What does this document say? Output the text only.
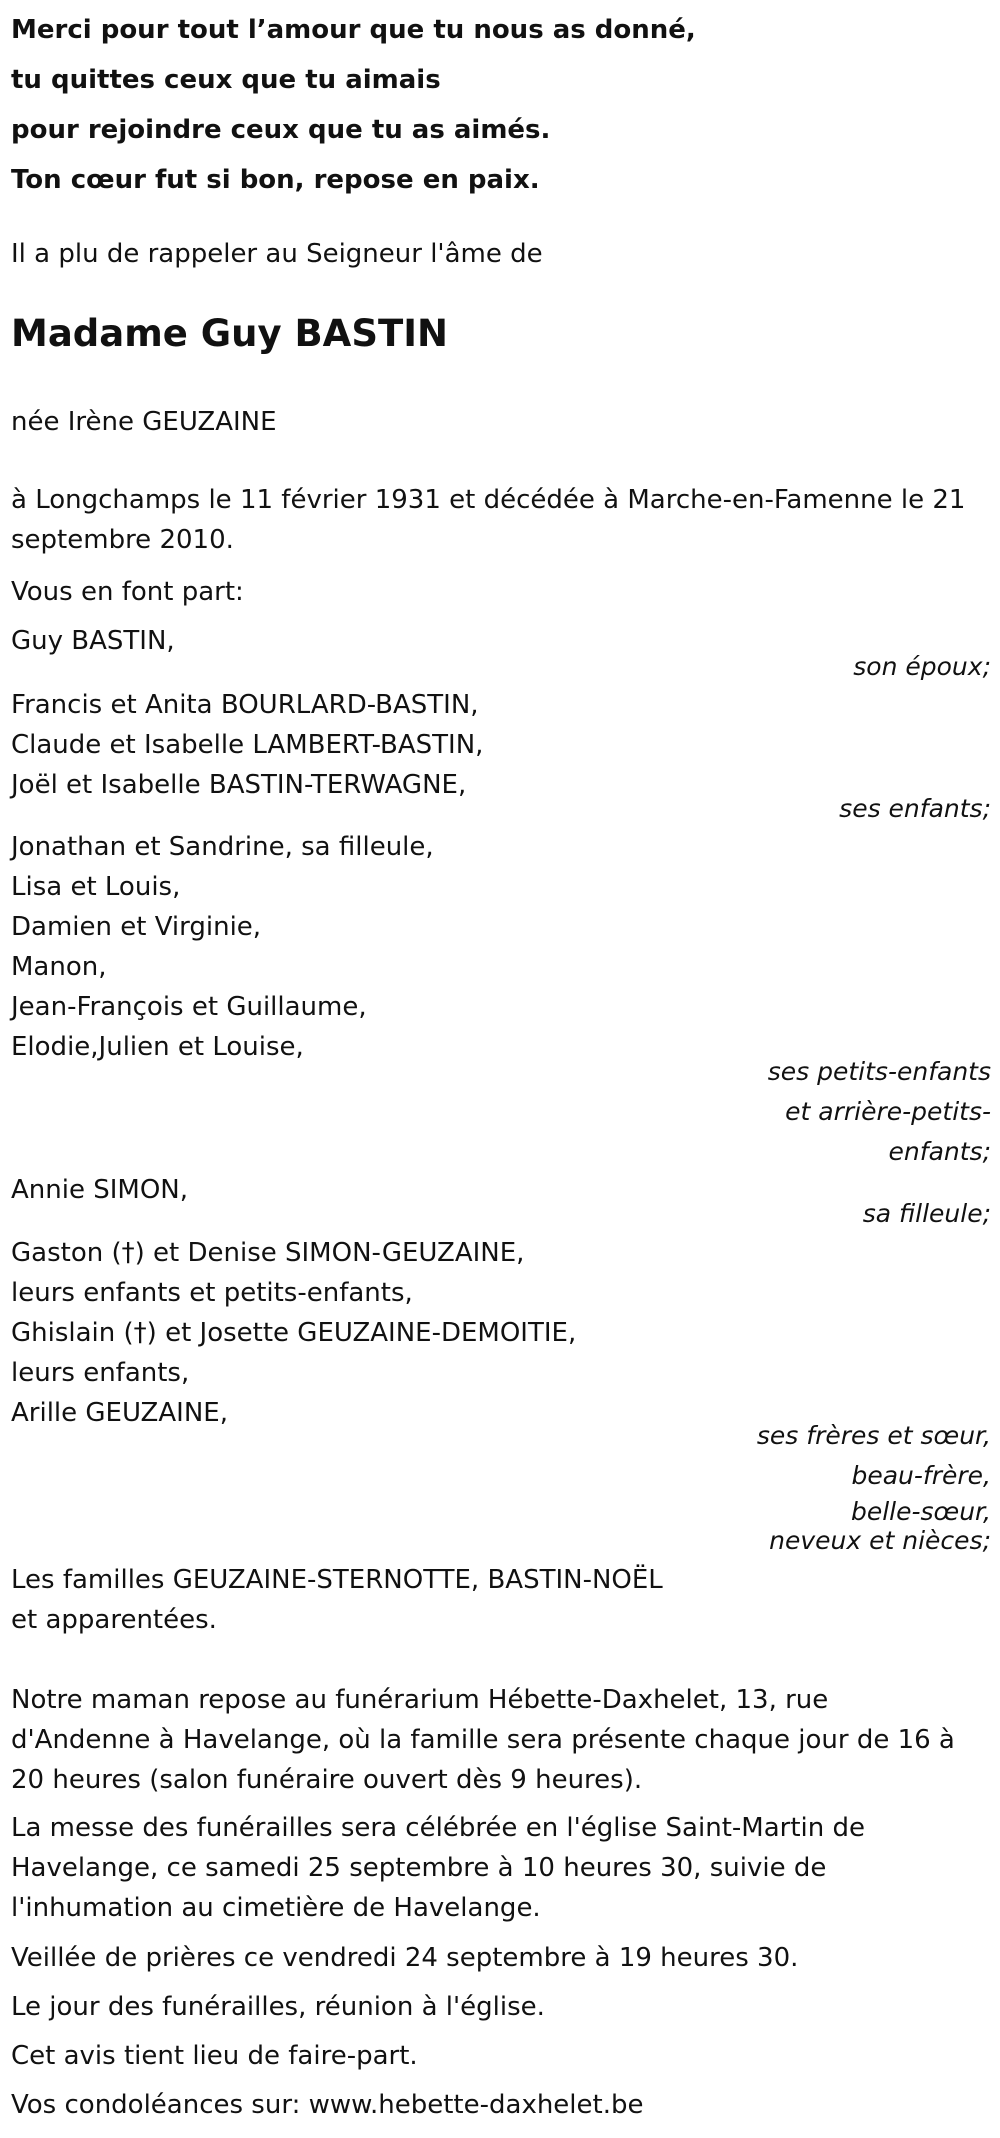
Merci pour tout l’amour que tu nous as donné,
tu quittes ceux que tu aimais
pour rejoindre ceux que tu as aimés.
Ton cœur fut si bon, repose en paix.
Il a plu de rappeler au Seigneur l'âme de
Madame Guy BASTIN
née Irène GEUZAINE
à Longchamps le 11 février 1931 et décédée à Marche-en-Famenne le 21
septembre 2010.
Vous en font part:
Guy BASTIN,
son époux;
Francis et Anita BOURLARD-BASTIN,
Claude et Isabelle LAMBERT-BASTIN,
Joël et Isabelle BASTIN-TERWAGNE,
ses enfants;
Jonathan et Sandrine, sa filleule,
Lisa et Louis,
Damien et Virginie,
Manon,
Jean-François et Guillaume,
Elodie,Julien et Louise,
ses petits-enfants
et arrière-petits-
enfants;
Annie SIMON,
sa filleule;
Gaston (†) et Denise SIMON-GEUZAINE,
leurs enfants et petits-enfants,
Ghislain (†) et Josette GEUZAINE-DEMOITIE,
leurs enfants,
Arille GEUZAINE,
ses frères et sœur,
beau-frère,
belle-sœur,
neveux et nièces;
Les familles GEUZAINE-STERNOTTE, BASTIN-NOËL
et apparentées.
Notre maman repose au funérarium Hébette-Daxhelet, 13, rue
d'Andenne à Havelange, où la famille sera présente chaque jour de 16 à
20 heures (salon funéraire ouvert dès 9 heures).
La messe des funérailles sera célébrée en l'église Saint-Martin de
Havelange, ce samedi 25 septembre à 10 heures 30, suivie de
l'inhumation au cimetière de Havelange.
Veillée de prières ce vendredi 24 septembre à 19 heures 30.
Le jour des funérailles, réunion à l'église.
Cet avis tient lieu de faire-part.
Vos condoléances sur: www.hebette-daxhelet.be
